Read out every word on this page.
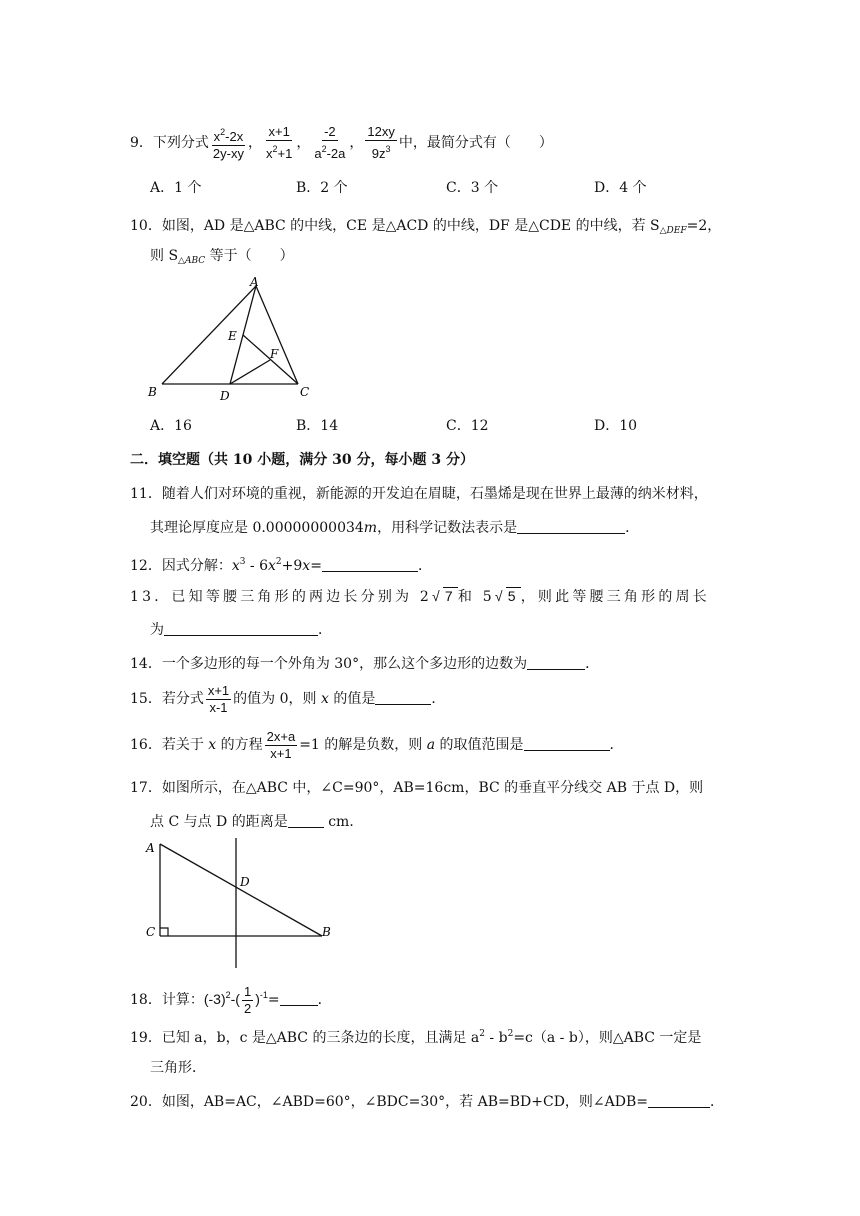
9．下列分式 $\frac{x^2-2x}{2y-xy}$ ， $\frac{x+1}{x^2+1}$ ， $\frac{-2}{a^2-2a}$ ， $\frac{12xy}{9z^3}$ 中，最简分式有（　　）
A．1 个	B．2 个	C．3 个	D．4 个
10．如图，AD 是△ABC 的中线，CE 是△ACD 的中线，DF 是△CDE 的中线，若 $S_{\triangle DEF}=2$，
则 $S_{\triangle ABC}$ 等于（　　）
A
E
F
B	D	C
A．16	B．14	C．12	D．10
二．填空题（共 10 小题，满分 30 分，每小题 3 分）
11．随着人们对环境的重视，新能源的开发迫在眉睫，石墨烯是现在世界上最薄的纳米材料，
其理论厚度应是 0.00000000034m，用科学记数法表示是	．
12．因式分解：$x^3 - 6x^2+9x=$	．
13．已知等腰三角形的两边长分别为 2√ 7 和 5√ 5 ，则此等腰三角形的周长
为	．
14．一个多边形的每一个外角为 30°，那么这个多边形的边数为	．
15．若分式 $\frac{x+1}{x-1}$ 的值为 0，则 x 的值是	．
16．若关于 x 的方程 $\frac{2x+a}{x+1} =1$ 的解是负数，则 a 的取值范围是	．
17．如图所示，在△ABC 中，∠C=90°，AB=16cm，BC 的垂直平分线交 AB 于点 D，则
点 C 与点 D 的距离是	cm．
A
D
C	B
18．计算：$(-3)^2-( \frac{1}{2} )^{-1}=$	．
19．已知 a，b，c 是△ABC 的三条边的长度，且满足 $a^2 - b^2=c(a - b)$，则△ABC 一定是
三角形．
20．如图，AB=AC，∠ABD=60°，∠BDC=30°，若 AB=BD+CD，则∠ADB=	．
